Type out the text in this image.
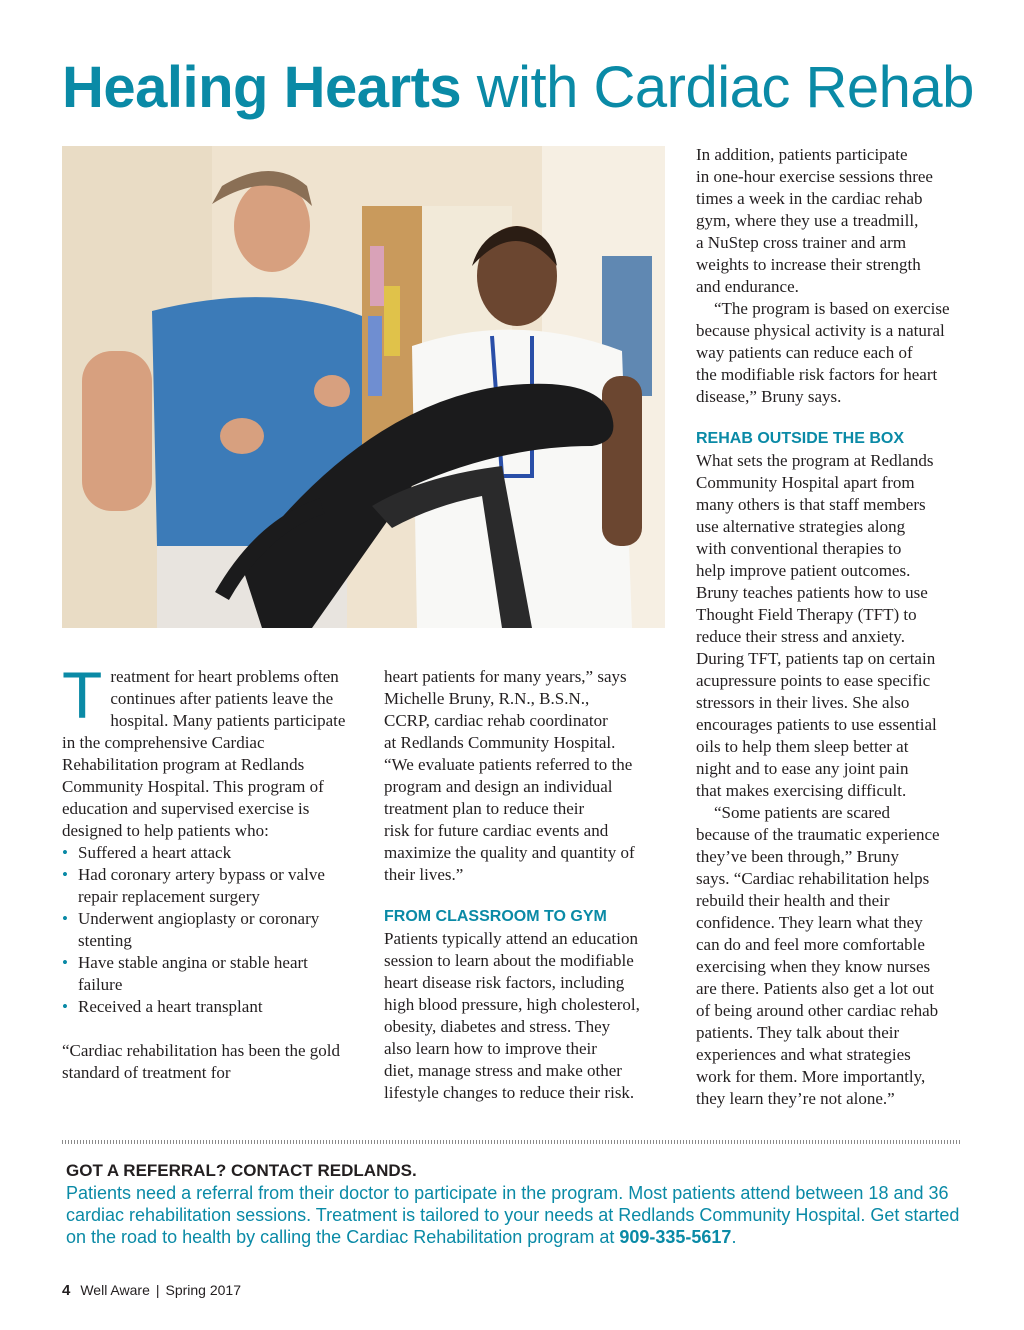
Healing Hearts with Cardiac Rehab

Treatment for heart problems often continues after patients leave the hospital. Many patients participate in the comprehensive Cardiac Rehabilitation program at Redlands Community Hospital. This program of education and supervised exercise is designed to help patients who:

• Suffered a heart attack
• Had coronary artery bypass or valve repair replacement surgery
• Underwent angioplasty or coronary stenting
• Have stable angina or stable heart failure
• Received a heart transplant

“Cardiac rehabilitation has been the gold standard of treatment for

heart patients for many years,” says
Michelle Bruny, R.N., B.S.N.,
CCRP, cardiac rehab coordinator
at Redlands Community Hospital.
“We evaluate patients referred to the
program and design an individual
treatment plan to reduce their
risk for future cardiac events and
maximize the quality and quantity of
their lives.”

FROM CLASSROOM TO GYM

Patients typically attend an education
session to learn about the modifiable
heart disease risk factors, including
high blood pressure, high cholesterol,
obesity, diabetes and stress. They
also learn how to improve their
diet, manage stress and make other
lifestyle changes to reduce their risk.

In addition, patients participate
in one-hour exercise sessions three
times a week in the cardiac rehab
gym, where they use a treadmill,
a NuStep cross trainer and arm
weights to increase their strength
and endurance.

“The program is based on exercise
because physical activity is a natural
way patients can reduce each of
the modifiable risk factors for heart
disease,” Bruny says.

REHAB OUTSIDE THE BOX

What sets the program at Redlands
Community Hospital apart from
many others is that staff members
use alternative strategies along
with conventional therapies to
help improve patient outcomes.
Bruny teaches patients how to use
Thought Field Therapy (TFT) to
reduce their stress and anxiety.
During TFT, patients tap on certain
acupressure points to ease specific
stressors in their lives. She also
encourages patients to use essential
oils to help them sleep better at
night and to ease any joint pain
that makes exercising difficult.

“Some patients are scared
because of the traumatic experience
they’ve been through,” Bruny
says. “Cardiac rehabilitation helps
rebuild their health and their
confidence. They learn what they
can do and feel more comfortable
exercising when they know nurses
are there. Patients also get a lot out
of being around other cardiac rehab
patients. They talk about their
experiences and what strategies
work for them. More importantly,
they learn they’re not alone.”

GOT A REFERRAL? CONTACT REDLANDS.

Patients need a referral from their doctor to participate in the program. Most patients attend between 18 and 36 cardiac rehabilitation sessions. Treatment is tailored to your needs at Redlands Community Hospital. Get started on the road to health by calling the Cardiac Rehabilitation program at 909-335-5617.

4 Well Aware | Spring 2017
